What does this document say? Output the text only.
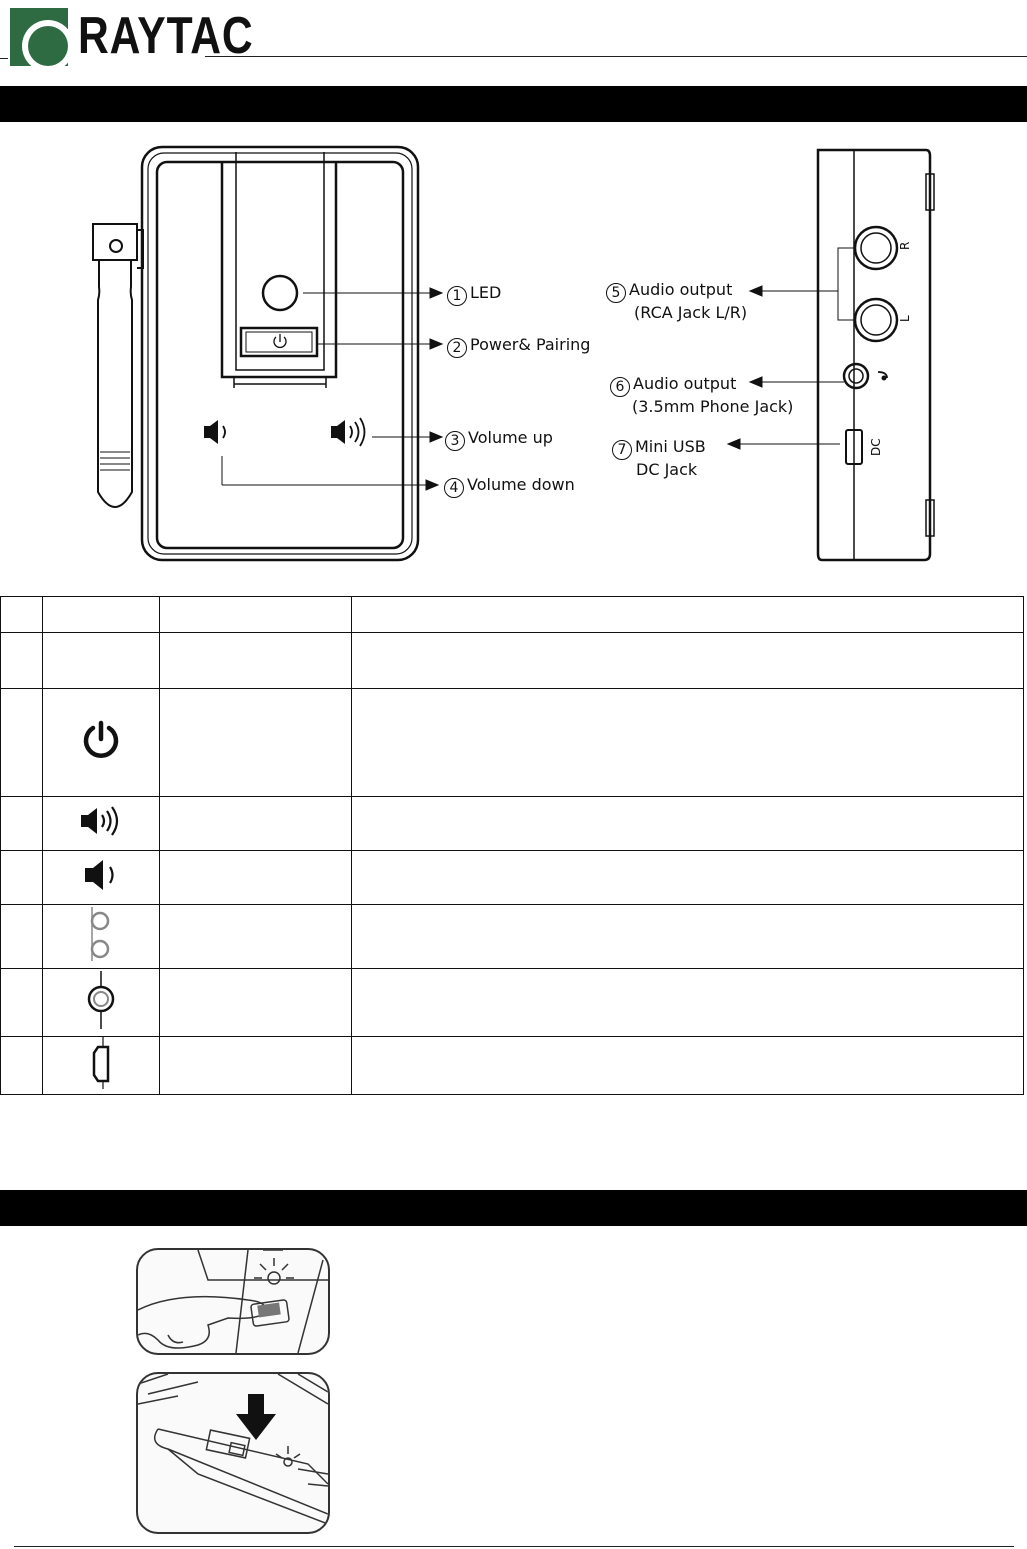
RAYTAC
R
L
DC
1 LED
2 Power& Pairing
3 Volume up
4 Volume down
5 Audio output
(RCA Jack L/R)
6 Audio output
(3.5mm Phone Jack)
7 Mini USB
DC Jack
